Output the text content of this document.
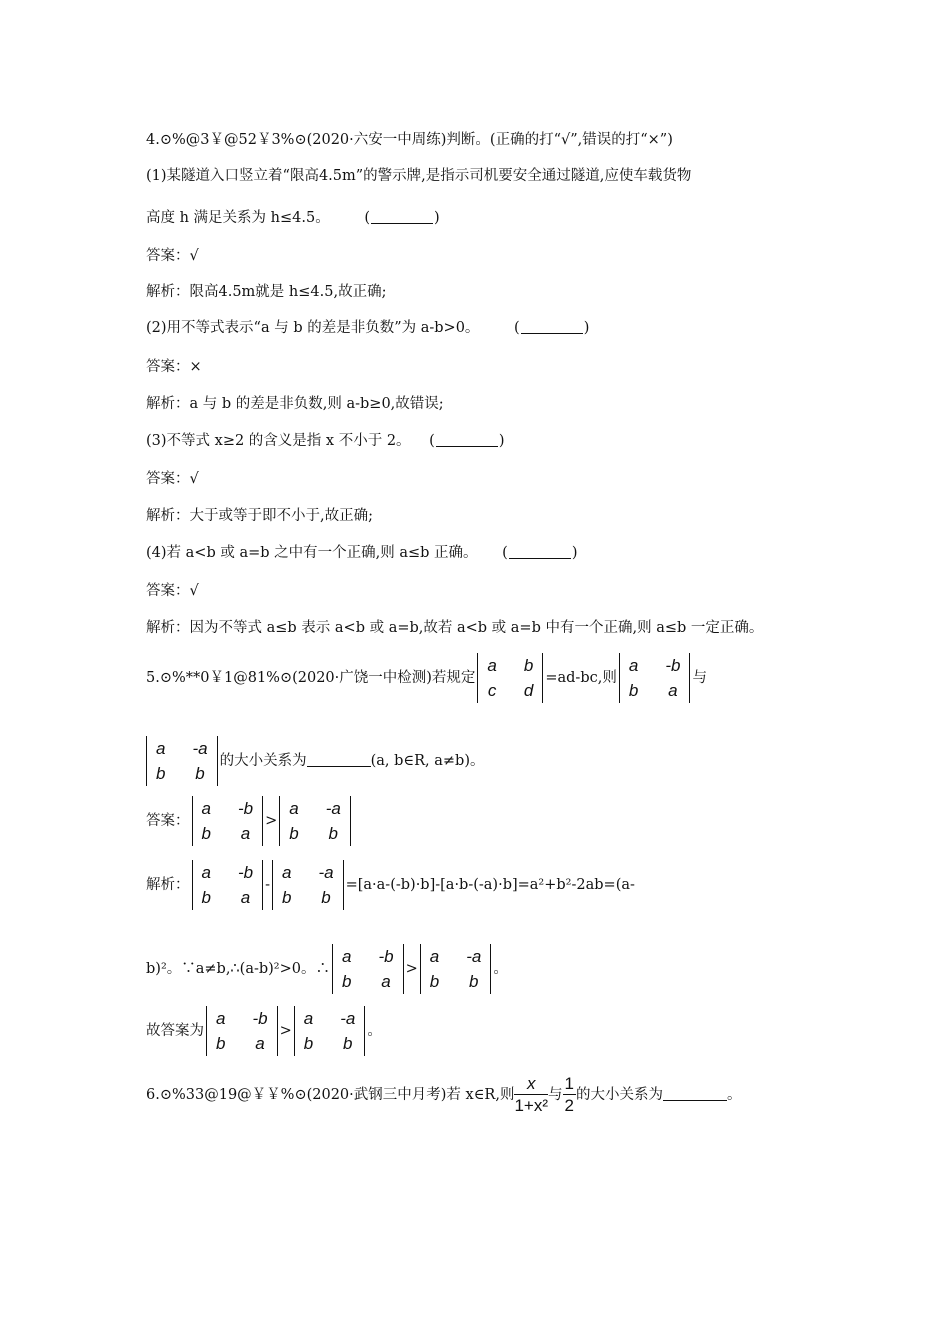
4.⊙%@3￥@52￥3%⊙(2020·六安一中周练)判断。(正确的打“√”,错误的打“×”)
(1)某隧道入口竖立着“限高4.5m”的警示牌,是指示司机要安全通过隧道,应使车载货物
高度 h 满足关系为 h≤4.5。 (	)
答案：√
解析：限高4.5m就是 h≤4.5,故正确;
(2)用不等式表示“a 与 b 的差是非负数”为 a-b>0。 (	)
答案：×
解析：a 与 b 的差是非负数,则 a-b≥0,故错误;
(3)不等式 x≥2 的含义是指 x 不小于 2。 (	)
答案：√
解析：大于或等于即不小于,故正确;
(4)若 a<b 或 a=b 之中有一个正确,则 a≤b 正确。 (	)
答案：√
解析：因为不等式 a≤b 表示 a<b 或 a=b,故若 a<b 或 a=b 中有一个正确,则 a≤b 一定正确。
5.⊙%**0￥1@81%⊙(2020·广饶一中检测)若规定
a	b
c	d
=ad-bc,则
a	-b
b	a
与
a	-a
b	b
的大小关系为	(a, b∈R, a≠b)。
答案：
a	-b
b	a
>
a	-a
b	b
解析：
a	-b
b	a
-
a	-a
b	b
=[a·a-(-b)·b]-[a·b-(-a)·b]=a²+b²-2ab=(a-
b)²。∵a≠b,∴(a-b)²>0。∴
a	-b
b	a
>
a	-a
b	b
。
故答案为
a	-b
b	a
>
a	-a
b	b
。
6.⊙%33@19@￥￥%⊙(2020·武钢三中月考)若 x∈R,则 $\frac{x}{\text{1+x²}}$ 与 $\frac{1}{2}$ 的大小关系为	。
